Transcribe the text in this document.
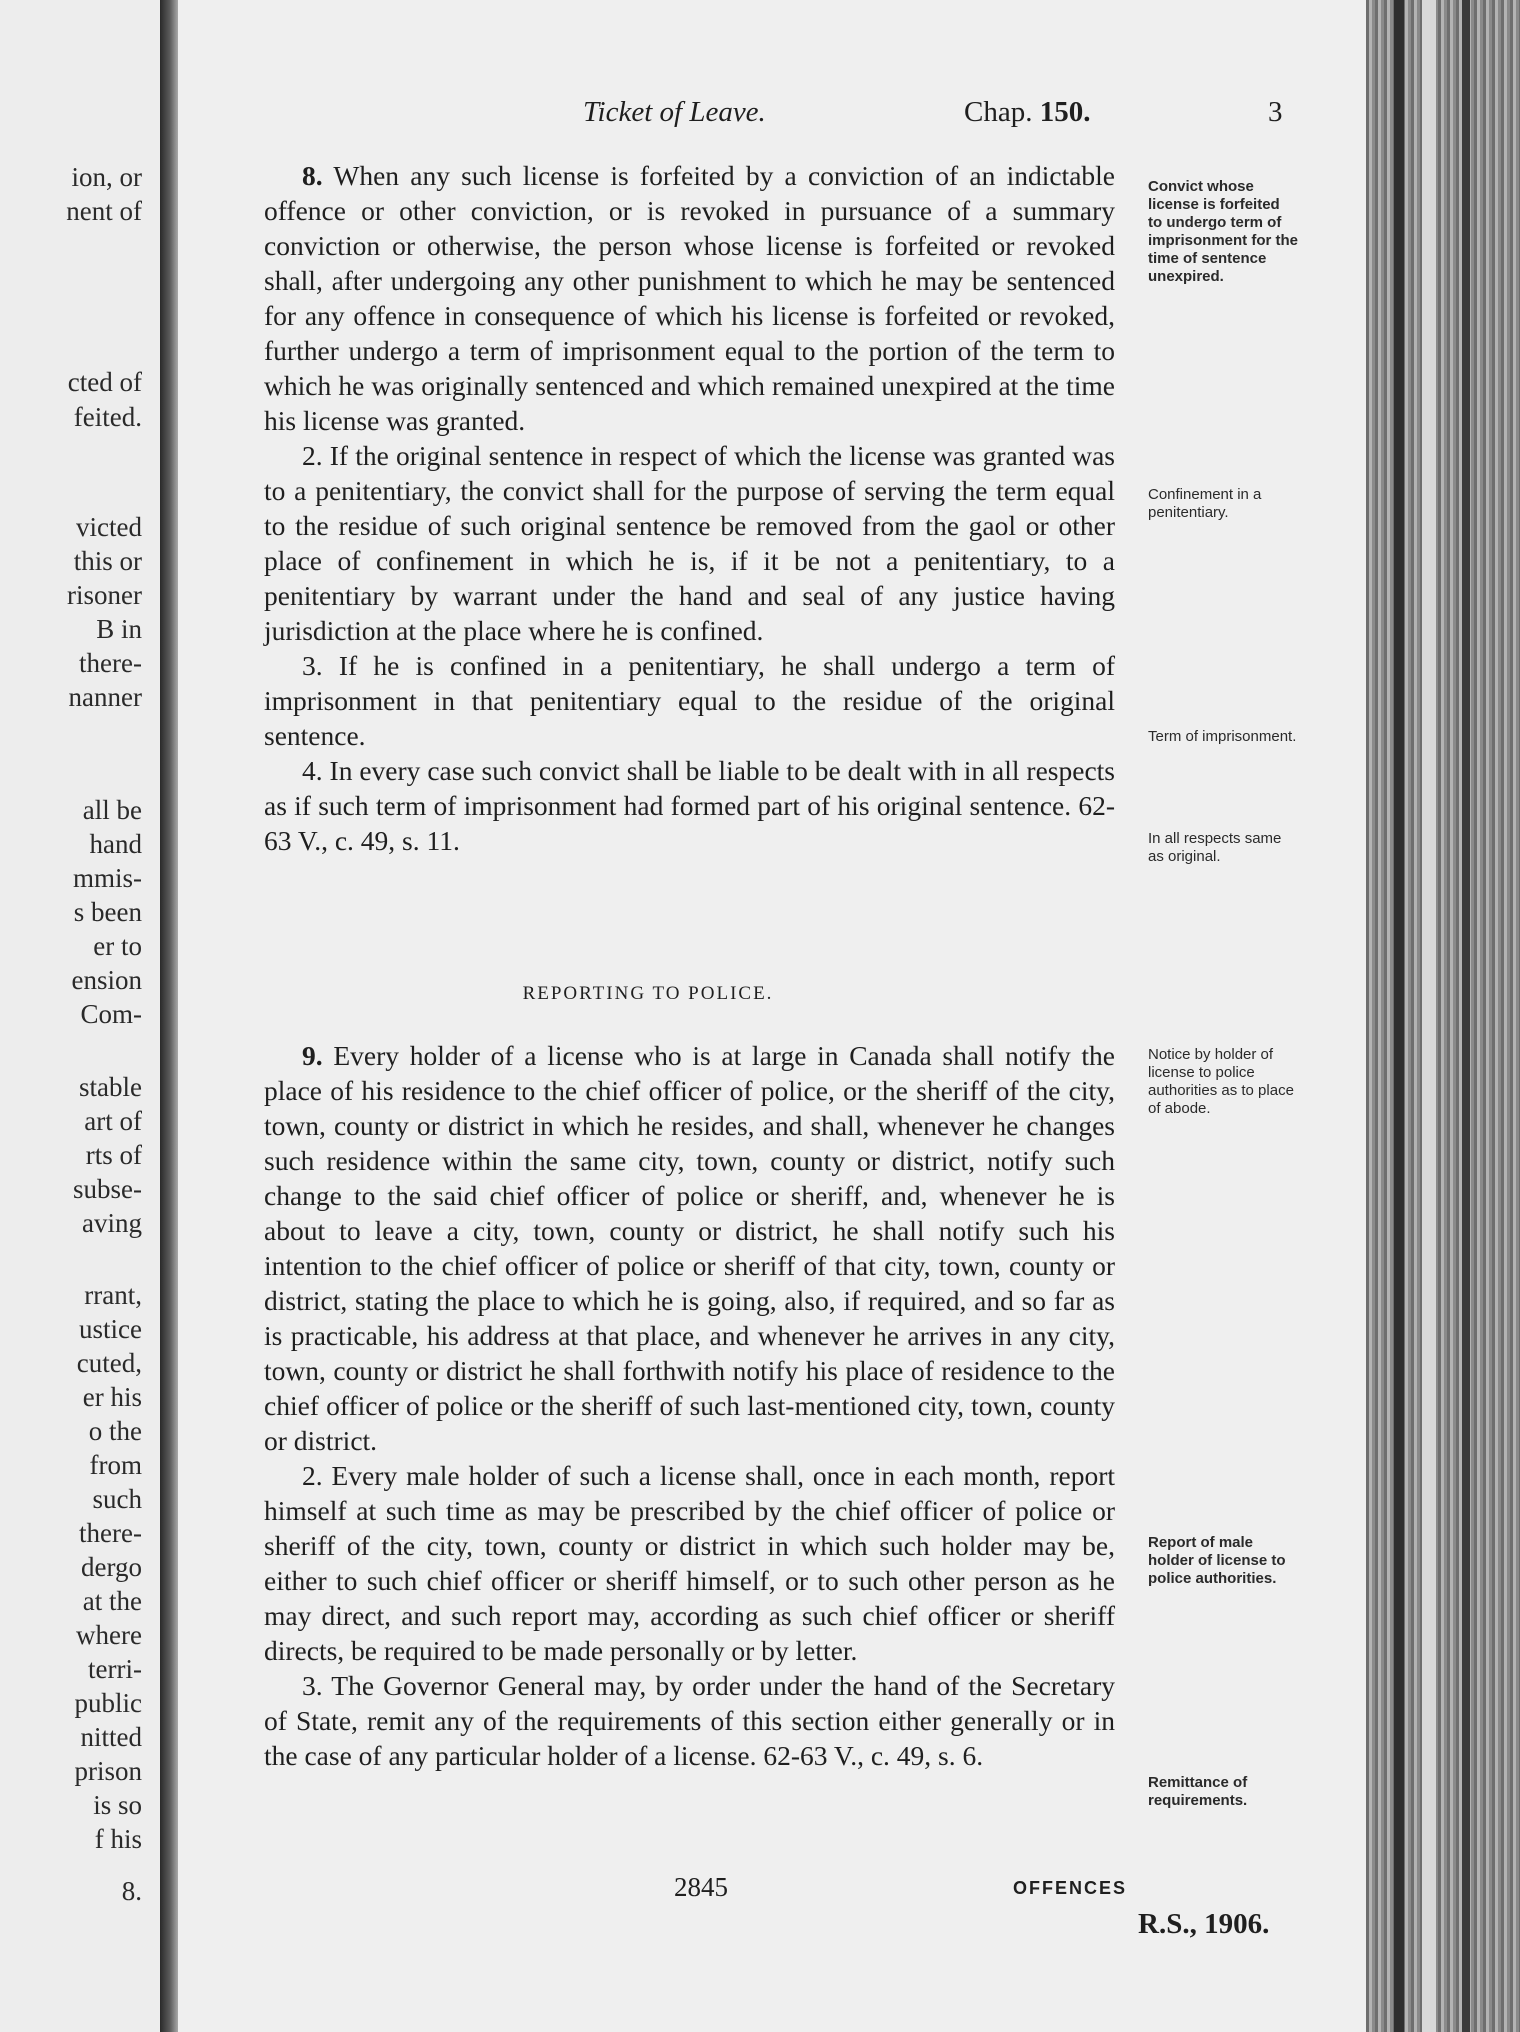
ion, or
nent of
cted of
feited.
victed
this or
risoner
B in
there-
nanner
all be
hand
mmis-
s been
er to
ension
Com-
stable
art of
rts of
subse-
aving
rrant,
ustice
cuted,
er his
o the
from
such
there-
dergo
at the
where
terri-
public
nitted
prison
is so
f his
8.
Ticket of Leave.	Chap. 150.	3

8. When any such license is forfeited by a conviction of an indictable offence or other conviction, or is revoked in pursuance of a summary conviction or otherwise, the person whose license is forfeited or revoked shall, after undergoing any other punishment to which he may be sentenced for any offence in consequence of which his license is forfeited or revoked, further undergo a term of imprisonment equal to the portion of the term to which he was originally sentenced and which remained unexpired at the time his license was granted.

2. If the original sentence in respect of which the license was granted was to a penitentiary, the convict shall for the purpose of serving the term equal to the residue of such original sentence be removed from the gaol or other place of confinement in which he is, if it be not a penitentiary, to a penitentiary by warrant under the hand and seal of any justice having jurisdiction at the place where he is confined.

3. If he is confined in a penitentiary, he shall undergo a term of imprisonment in that penitentiary equal to the residue of the original sentence.

4. In every case such convict shall be liable to be dealt with in all respects as if such term of imprisonment had formed part of his original sentence. 62-63 V., c. 49, s. 11.

Convict whose license is forfeited to undergo term of imprisonment for the time of sentence unexpired.
Confinement in a penitentiary.
Term of imprisonment.
In all respects same as original.
REPORTING TO POLICE.

9. Every holder of a license who is at large in Canada shall notify the place of his residence to the chief officer of police, or the sheriff of the city, town, county or district in which he resides, and shall, whenever he changes such residence within the same city, town, county or district, notify such change to the said chief officer of police or sheriff, and, whenever he is about to leave a city, town, county or district, he shall notify such his intention to the chief officer of police or sheriff of that city, town, county or district, stating the place to which he is going, also, if required, and so far as is practicable, his address at that place, and whenever he arrives in any city, town, county or district he shall forthwith notify his place of residence to the chief officer of police or the sheriff of such last-mentioned city, town, county or district.

2. Every male holder of such a license shall, once in each month, report himself at such time as may be prescribed by the chief officer of police or sheriff of the city, town, county or district in which such holder may be, either to such chief officer or sheriff himself, or to such other person as he may direct, and such report may, according as such chief officer or sheriff directs, be required to be made personally or by letter.

3. The Governor General may, by order under the hand of the Secretary of State, remit any of the requirements of this section either generally or in the case of any particular holder of a license. 62-63 V., c. 49, s. 6.

Notice by holder of license to police authorities as to place of abode.
Report of male holder of license to police authorities.
Remittance of requirements.
2845	OFFENCES
R.S., 1906.
